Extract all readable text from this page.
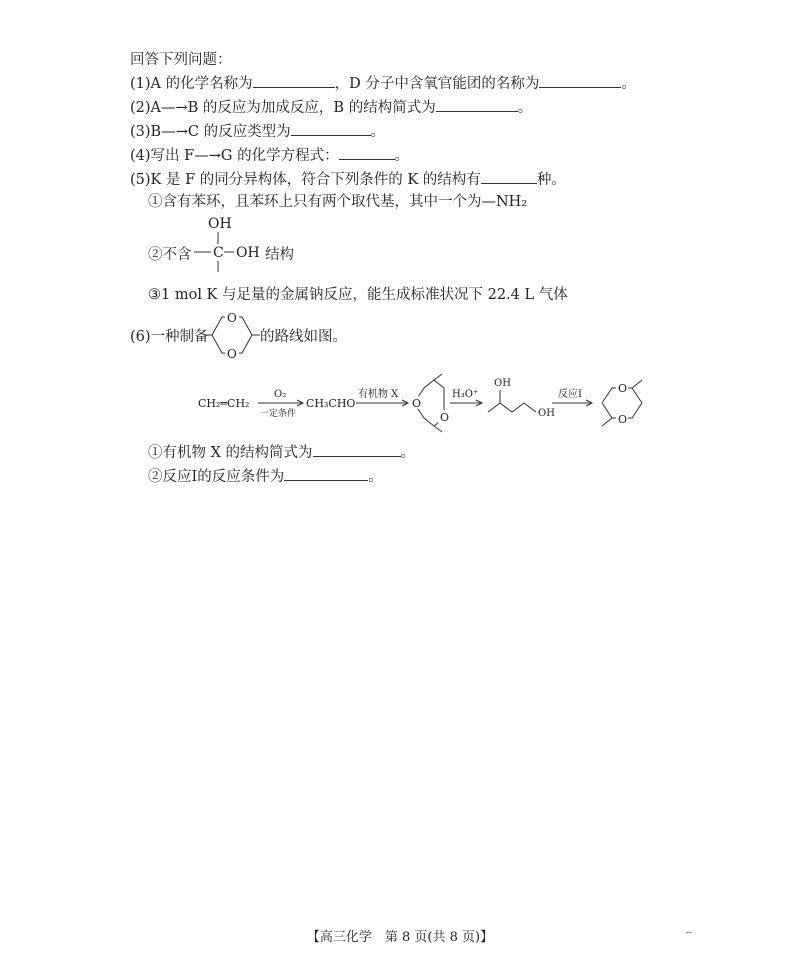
回答下列问题：
(1)A 的化学名称为	，D 分子中含氧官能团的名称为	。
(2)A—→B 的反应为加成反应，B 的结构简式为	。
(3)B—→C 的反应类型为	。
(4)写出 F—→G 的化学方程式：	。
(5)K 是 F 的同分异构体，符合下列条件的 K 的结构有	种。
①含有苯环，且苯环上只有两个取代基，其中一个为—NH₂
②不含
OH
C OH 结构
③1 mol K 与足量的金属钠反应，能生成标准状况下 22.4 L 气体
(6)一种制备
O
O
的路线如图。
CH₂═CH₂
O₂
一定条件
CH₃CHO
有机物 X
O
O
H₃O⁺
OH
OH
反应Ⅰ	O
O
①有机物 X 的结构简式为	。
②反应Ⅰ的反应条件为	。
【高三化学　第 8 页(共 8 页)】	--
